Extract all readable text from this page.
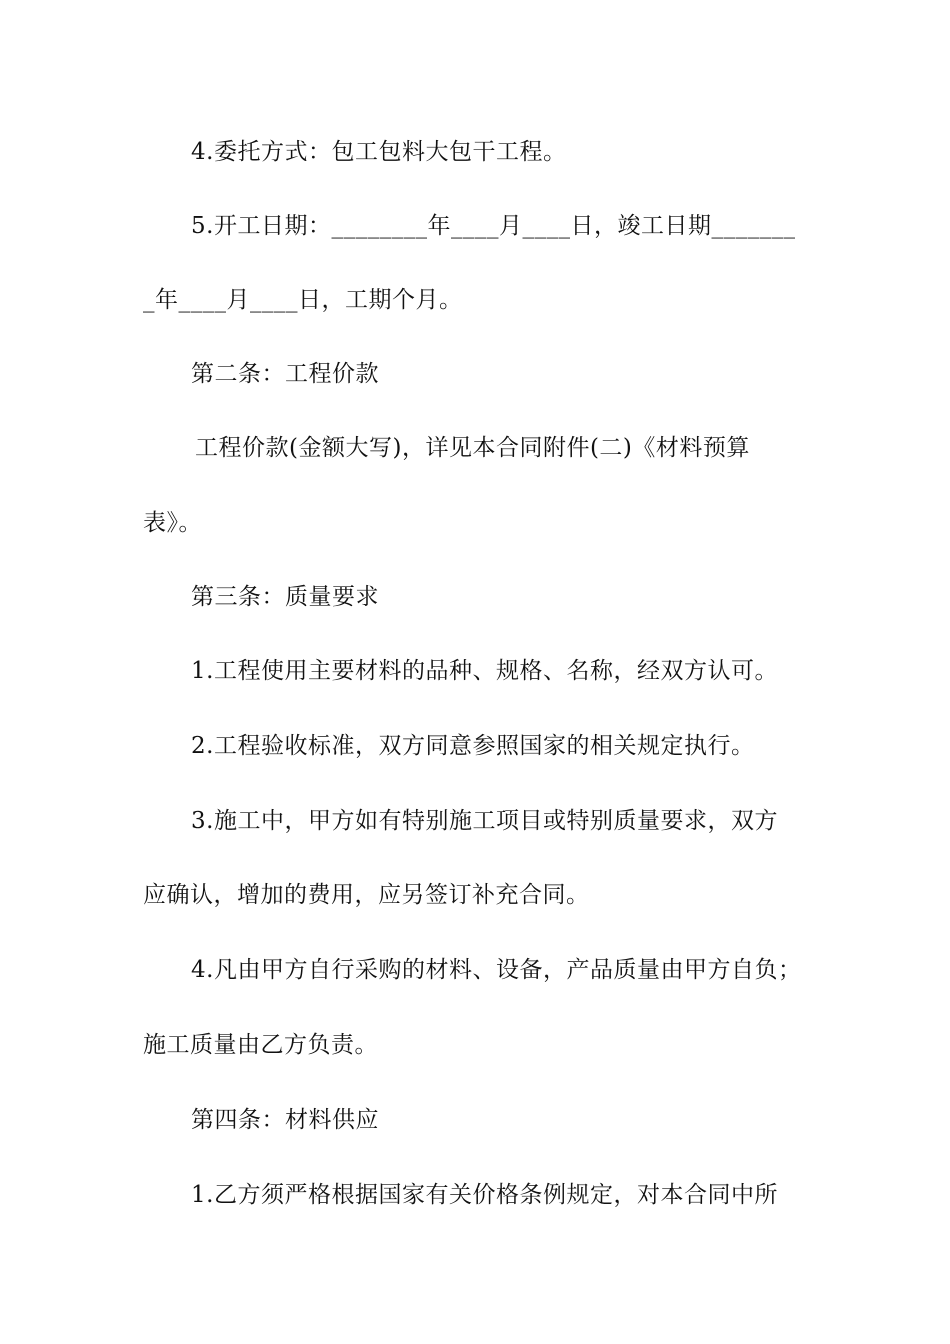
4.委托方式：包工包料大包干工程。
5.开工日期：________年____月____日，竣工日期_______
_年____月____日，工期个月。
第二条：工程价款
工程价款(金额大写)，详见本合同附件(二)《材料预算
表》。
第三条：质量要求
1.工程使用主要材料的品种、规格、名称，经双方认可。
2.工程验收标准，双方同意参照国家的相关规定执行。
3.施工中，甲方如有特别施工项目或特别质量要求，双方
应确认，增加的费用，应另签订补充合同。
4.凡由甲方自行采购的材料、设备，产品质量由甲方自负；
施工质量由乙方负责。
第四条：材料供应
1.乙方须严格根据国家有关价格条例规定，对本合同中所
